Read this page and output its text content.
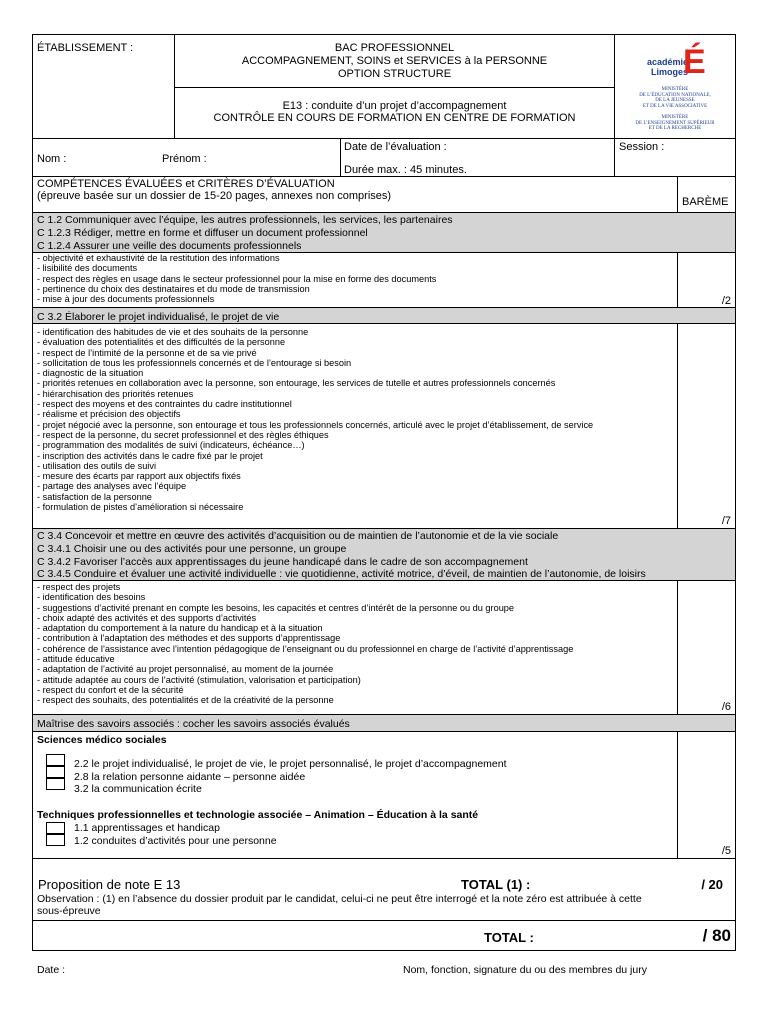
ÉTABLISSEMENT :	BAC PROFESSIONNEL
ACCOMPAGNEMENT, SOINS et SERVICES à la PERSONNE
OPTION STRUCTURE
E13 : conduite d’un projet d’accompagnement
CONTRÔLE EN COURS DE FORMATION EN CENTRE DE FORMATION
académie
Limoges
É
MINISTÈRE
DE L’ÉDUCATION NATIONALE,
DE LA JEUNESSE
ET DE LA VIE ASSOCIATIVE
MINISTÈRE
DE L’ENSEIGNEMENT SUPÉRIEUR
ET DE LA RECHERCHE
Nom :	Prénom :
Date de l’évaluation :
Durée max. : 45 minutes.
Session :
COMPÉTENCES ÉVALUÉES et CRITÈRES D’ÉVALUATION
(épreuve basée sur un dossier de 15-20 pages, annexes non comprises)	BARÈME
C 1.2 Communiquer avec l’équipe, les autres professionnels, les services, les partenaires
C 1.2.3 Rédiger, mettre en forme et diffuser un document professionnel
C 1.2.4 Assurer une veille des documents professionnels
- objectivité et exhaustivité de la restitution des informations
- lisibilité des documents
- respect des règles en usage dans le secteur professionnel pour la mise en forme des documents
- pertinence du choix des destinataires et du mode de transmission
- mise à jour des documents professionnels	/2
C 3.2 Élaborer le projet individualisé, le projet de vie
- identification des habitudes de vie et des souhaits de la personne
- évaluation des potentialités et des difficultés de la personne
- respect de l’intimité de la personne et de sa vie privé
- sollicitation de tous les professionnels concernés et de l’entourage si besoin
- diagnostic de la situation
- priorités retenues en collaboration avec la personne, son entourage, les services de tutelle et autres professionnels concernés
- hiérarchisation des priorités retenues
- respect des moyens et des contraintes du cadre institutionnel
- réalisme et précision des objectifs
- projet négocié avec la personne, son entourage et tous les professionnels concernés, articulé avec le projet d’établissement, de service
- respect de la personne, du secret professionnel et des règles éthiques
- programmation des modalités de suivi (indicateurs, échéance…)
- inscription des activités dans le cadre fixé par le projet
- utilisation des outils de suivi
- mesure des écarts par rapport aux objectifs fixés
- partage des analyses avec l’équipe
- satisfaction de la personne
- formulation de pistes d’amélioration si nécessaire
/7
C 3.4 Concevoir et mettre en œuvre des activités d’acquisition ou de maintien de l’autonomie et de la vie sociale
C 3.4.1 Choisir une ou des activités pour une personne, un groupe
C 3.4.2 Favoriser l’accès aux apprentissages du jeune handicapé dans le cadre de son accompagnement
C 3.4.5 Conduire et évaluer une activité individuelle : vie quotidienne, activité motrice, d’éveil, de maintien de l’autonomie, de loisirs
- respect des projets
- identification des besoins
- suggestions d’activité prenant en compte les besoins, les capacités et centres d’intérêt de la personne ou du groupe
- choix adapté des activités et des supports d’activités
- adaptation du comportement à la nature du handicap et à la situation
- contribution à l’adaptation des méthodes et des supports d’apprentissage
- cohérence de l’assistance avec l’intention pédagogique de l’enseignant ou du professionnel en charge de l’activité d’apprentissage
- attitude éducative
- adaptation de l’activité au projet personnalisé, au moment de la journée
- attitude adaptée au cours de l’activité (stimulation, valorisation et participation)
- respect du confort et de la sécurité
- respect des souhaits, des potentialités et de la créativité de la personne
/6
Maîtrise des savoirs associés : cocher les savoirs associés évalués
Sciences médico sociales
2.2 le projet individualisé, le projet de vie, le projet personnalisé, le projet d’accompagnement
2.8 la relation personne aidante – personne aidée
3.2 la communication écrite
Techniques professionnelles et technologie associée – Animation – Éducation à la santé
1.1 apprentissages et handicap
1.2 conduites d’activités pour une personne
/5
Proposition de note E 13	TOTAL (1) :	/ 20
Observation : (1) en l’absence du dossier produit par le candidat, celui-ci ne peut être interrogé et la note zéro est attribuée à cette
sous-épreuve
TOTAL :	/ 80
Date :	Nom, fonction, signature du ou des membres du jury
